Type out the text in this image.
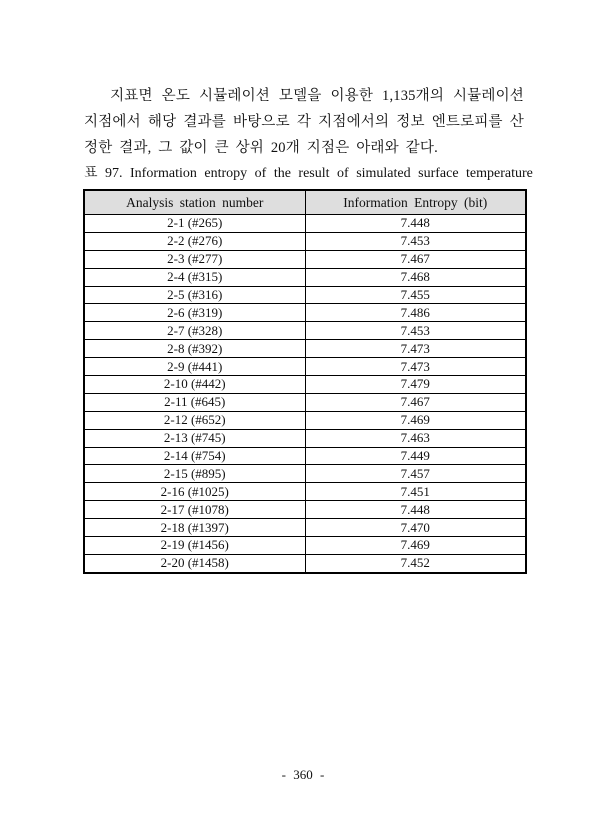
지표면 온도 시뮬레이션 모델을 이용한 1,135개의 시뮬레이션 지점에서 해당 결과를 바탕으로 각 지점에서의 정보 엔트로피를 산정한 결과, 그 값이 큰 상위 20개 지점은 아래와 같다.

표 97. Information entropy of the result of simulated surface temperature
Analysis station number	Information Entropy (bit)
2-1 (#265)	7.448
2-2 (#276)	7.453
2-3 (#277)	7.467
2-4 (#315)	7.468
2-5 (#316)	7.455
2-6 (#319)	7.486
2-7 (#328)	7.453
2-8 (#392)	7.473
2-9 (#441)	7.473
2-10 (#442)	7.479
2-11 (#645)	7.467
2-12 (#652)	7.469
2-13 (#745)	7.463
2-14 (#754)	7.449
2-15 (#895)	7.457
2-16 (#1025)	7.451
2-17 (#1078)	7.448
2-18 (#1397)	7.470
2-19 (#1456)	7.469
2-20 (#1458)	7.452
- 360 -
